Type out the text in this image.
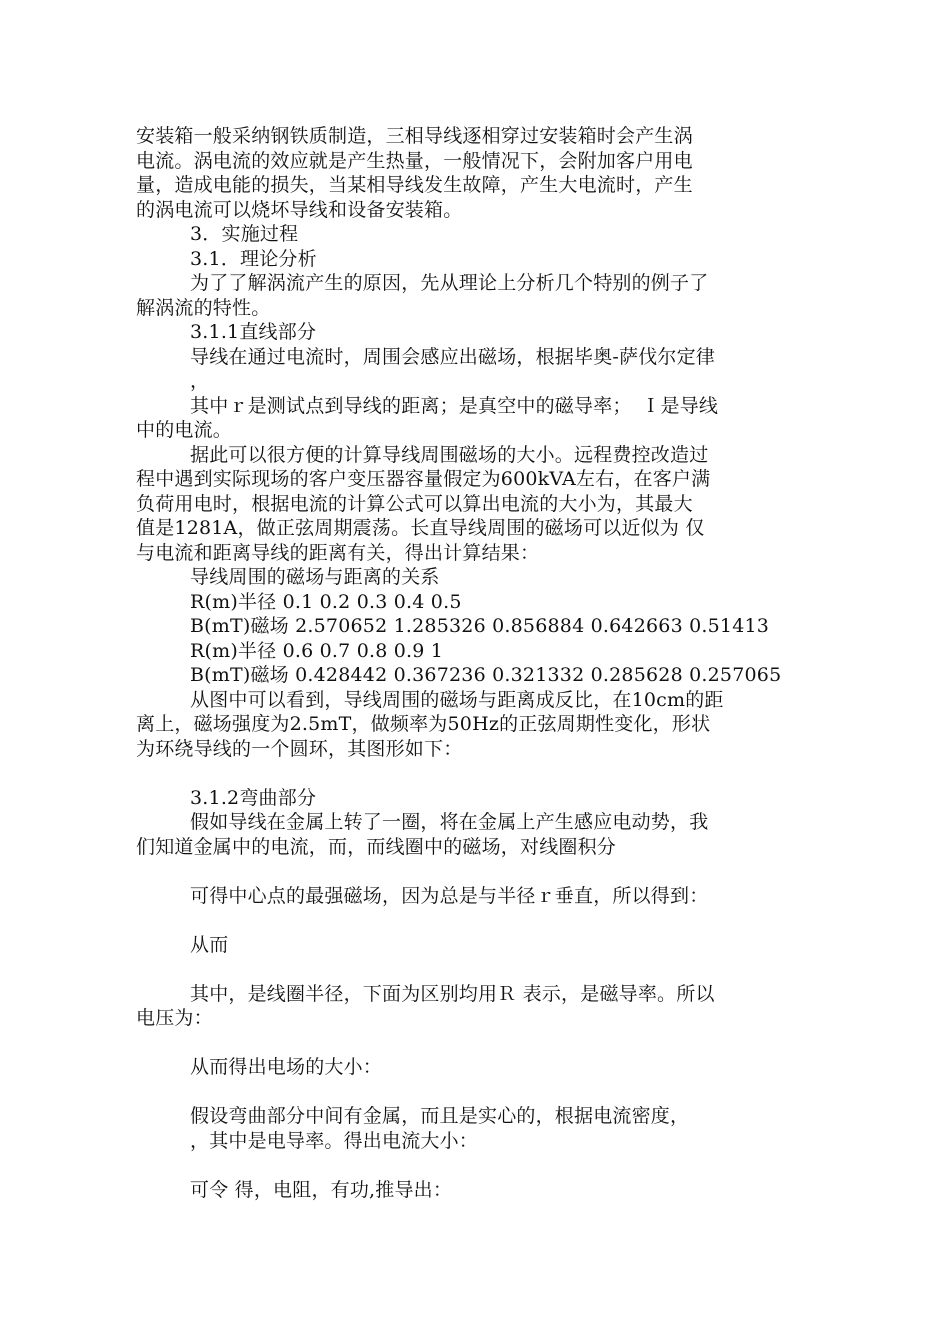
安装箱一般采纳钢铁质制造，三相导线逐相穿过安装箱时会产生涡
电流。涡电流的效应就是产生热量，一般情况下，会附加客户用电
量，造成电能的损失，当某相导线发生故障，产生大电流时，产生
的涡电流可以烧坏导线和设备安装箱。
3．实施过程
3.1．理论分析
为了了解涡流产生的原因，先从理论上分析几个特别的例子了
解涡流的特性。
3.1.1直线部分
导线在通过电流时，周围会感应出磁场，根据毕奥-萨伐尔定律
，
其中ｒ是测试点到导线的距离；是真空中的磁导率；　Ｉ是导线
中的电流。
据此可以很方便的计算导线周围磁场的大小。远程费控改造过
程中遇到实际现场的客户变压器容量假定为600kVA左右，在客户满
负荷用电时，根据电流的计算公式可以算出电流的大小为，其最大
值是1281A，做正弦周期震荡。长直导线周围的磁场可以近似为 仅
与电流和距离导线的距离有关，得出计算结果：
导线周围的磁场与距离的关系
R(m)半径 0.1 0.2 0.3 0.4 0.5
B(mT)磁场 2.570652 1.285326 0.856884 0.642663 0.51413
R(m)半径 0.6 0.7 0.8 0.9 1
B(mT)磁场 0.428442 0.367236 0.321332 0.285628 0.257065
从图中可以看到，导线周围的磁场与距离成反比，在10cm的距
离上，磁场强度为2.5mT，做频率为50Hz的正弦周期性变化，形状
为环绕导线的一个圆环，其图形如下：
3.1.2弯曲部分
假如导线在金属上转了一圈，将在金属上产生感应电动势，我
们知道金属中的电流，而，而线圈中的磁场，对线圈积分
可得中心点的最强磁场，因为总是与半径ｒ垂直，所以得到：
从而
其中，是线圈半径，下面为区别均用Ｒ 表示，是磁导率。所以
电压为：
从而得出电场的大小：
假设弯曲部分中间有金属，而且是实心的，根据电流密度，
，其中是电导率。得出电流大小：
可令 得，电阻，有功,推导出：
